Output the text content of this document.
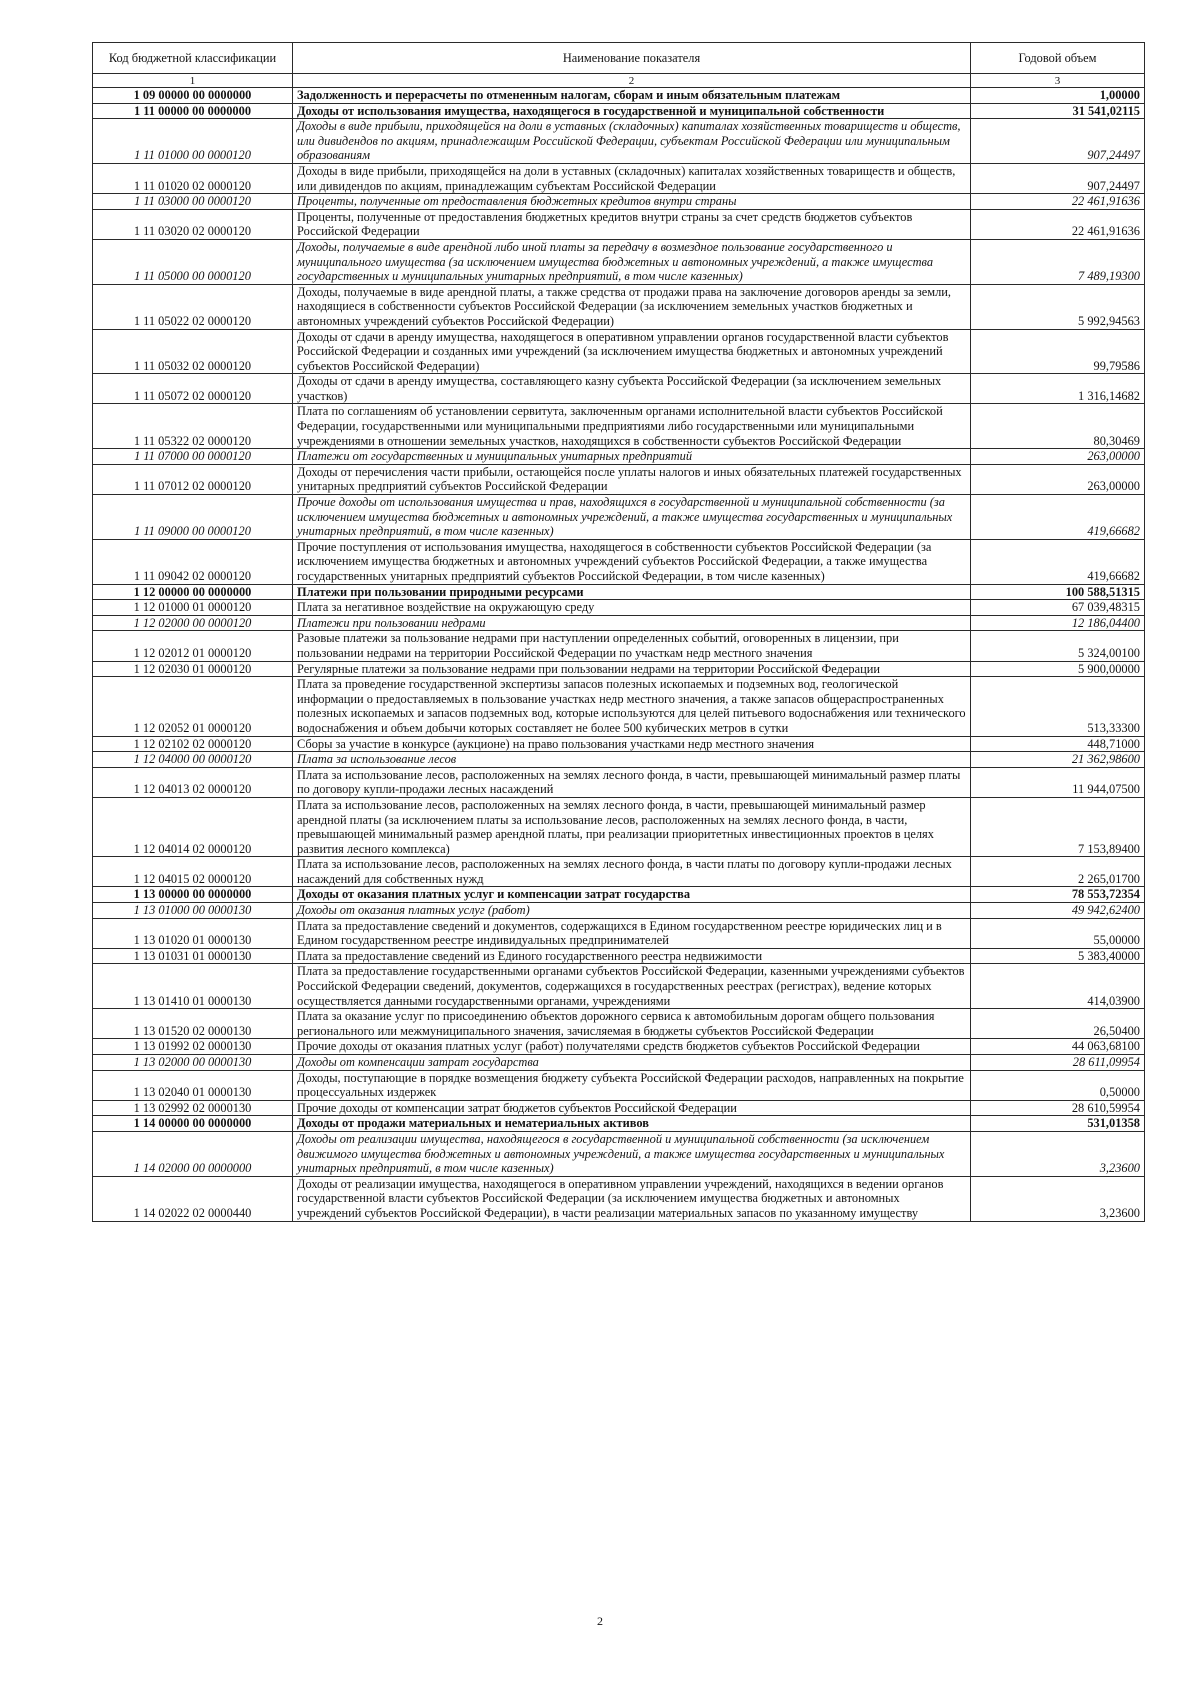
Код бюджетной классификации	Наименование показателя	Годовой объем
1	2	3
1 09 00000 00 0000000	Задолженность и перерасчеты по отмененным налогам, сборам и иным обязательным платежам	1,00000
1 11 00000 00 0000000	Доходы от использования имущества, находящегося в государственной и муниципальной собственности	31 541,02115
1 11 01000 00 0000120	Доходы в виде прибыли, приходящейся на доли в уставных (складочных) капиталах хозяйственных товариществ и обществ, или дивидендов по акциям, принадлежащим Российской Федерации, субъектам Российской Федерации или муниципальным образованиям	907,24497
1 11 01020 02 0000120	Доходы в виде прибыли, приходящейся на доли в уставных (складочных) капиталах хозяйственных товариществ и обществ, или дивидендов по акциям, принадлежащим субъектам Российской Федерации	907,24497
1 11 03000 00 0000120	Проценты, полученные от предоставления бюджетных кредитов внутри страны	22 461,91636
1 11 03020 02 0000120	Проценты, полученные от предоставления бюджетных кредитов внутри страны за счет средств бюджетов субъектов Российской Федерации	22 461,91636
1 11 05000 00 0000120	Доходы, получаемые в виде арендной либо иной платы за передачу в возмездное пользование государственного и муниципального имущества (за исключением имущества бюджетных и автономных учреждений, а также имущества государственных и муниципальных унитарных предприятий, в том числе казенных)	7 489,19300
1 11 05022 02 0000120	Доходы, получаемые в виде арендной платы, а также средства от продажи права на заключение договоров аренды за земли, находящиеся в собственности субъектов Российской Федерации (за исключением земельных участков бюджетных и автономных учреждений субъектов Российской Федерации)	5 992,94563
1 11 05032 02 0000120	Доходы от сдачи в аренду имущества, находящегося в оперативном управлении органов государственной власти субъектов Российской Федерации и созданных ими учреждений (за исключением имущества бюджетных и автономных учреждений субъектов Российской Федерации)	99,79586
1 11 05072 02 0000120	Доходы от сдачи в аренду имущества, составляющего казну субъекта Российской Федерации (за исключением земельных участков)	1 316,14682
1 11 05322 02 0000120	Плата по соглашениям об установлении сервитута, заключенным органами исполнительной власти субъектов Российской Федерации, государственными или муниципальными предприятиями либо государственными или муниципальными учреждениями в отношении земельных участков, находящихся в собственности субъектов Российской Федерации	80,30469
1 11 07000 00 0000120	Платежи от государственных и муниципальных унитарных предприятий	263,00000
1 11 07012 02 0000120	Доходы от перечисления части прибыли, остающейся после уплаты налогов и иных обязательных платежей государственных унитарных предприятий субъектов Российской Федерации	263,00000
1 11 09000 00 0000120	Прочие доходы от использования имущества и прав, находящихся в государственной и муниципальной собственности (за исключением имущества бюджетных и автономных учреждений, а также имущества государственных и муниципальных унитарных предприятий, в том числе казенных)	419,66682
1 11 09042 02 0000120	Прочие поступления от использования имущества, находящегося в собственности субъектов Российской Федерации (за исключением имущества бюджетных и автономных учреждений субъектов Российской Федерации, а также имущества государственных унитарных предприятий субъектов Российской Федерации, в том числе казенных)	419,66682
1 12 00000 00 0000000	Платежи при пользовании природными ресурсами	100 588,51315
1 12 01000 01 0000120	Плата за негативное воздействие на окружающую среду	67 039,48315
1 12 02000 00 0000120	Платежи при пользовании недрами	12 186,04400
1 12 02012 01 0000120	Разовые платежи за пользование недрами при наступлении определенных событий, оговоренных в лицензии, при пользовании недрами на территории Российской Федерации по участкам недр местного значения	5 324,00100
1 12 02030 01 0000120	Регулярные платежи за пользование недрами при пользовании недрами на территории Российской Федерации	5 900,00000
1 12 02052 01 0000120	Плата за проведение государственной экспертизы запасов полезных ископаемых и подземных вод, геологической информации о предоставляемых в пользование участках недр местного значения, а также запасов общераспространенных полезных ископаемых и запасов подземных вод, которые используются для целей питьевого водоснабжения или технического водоснабжения и объем добычи которых составляет не более 500 кубических метров в сутки	513,33300
1 12 02102 02 0000120	Сборы за участие в конкурсе (аукционе) на право пользования участками недр местного значения	448,71000
1 12 04000 00 0000120	Плата за использование лесов	21 362,98600
1 12 04013 02 0000120	Плата за использование лесов, расположенных на землях лесного фонда, в части, превышающей минимальный размер платы по договору купли-продажи лесных насаждений	11 944,07500
1 12 04014 02 0000120	Плата за использование лесов, расположенных на землях лесного фонда, в части, превышающей минимальный размер арендной платы (за исключением платы за использование лесов, расположенных на землях лесного фонда, в части, превышающей минимальный размер арендной платы, при реализации приоритетных инвестиционных проектов в целях развития лесного комплекса)	7 153,89400
1 12 04015 02 0000120	Плата за использование лесов, расположенных на землях лесного фонда, в части платы по договору купли-продажи лесных насаждений для собственных нужд	2 265,01700
1 13 00000 00 0000000	Доходы от оказания платных услуг и компенсации затрат государства	78 553,72354
1 13 01000 00 0000130	Доходы от оказания платных услуг (работ)	49 942,62400
1 13 01020 01 0000130	Плата за предоставление сведений и документов, содержащихся в Едином государственном реестре юридических лиц и в Едином государственном реестре индивидуальных предпринимателей	55,00000
1 13 01031 01 0000130	Плата за предоставление сведений из Единого государственного реестра недвижимости	5 383,40000
1 13 01410 01 0000130	Плата за предоставление государственными органами субъектов Российской Федерации, казенными учреждениями субъектов Российской Федерации сведений, документов, содержащихся в государственных реестрах (регистрах), ведение которых осуществляется данными государственными органами, учреждениями	414,03900
1 13 01520 02 0000130	Плата за оказание услуг по присоединению объектов дорожного сервиса к автомобильным дорогам общего пользования регионального или межмуниципального значения, зачисляемая в бюджеты субъектов Российской Федерации	26,50400
1 13 01992 02 0000130	Прочие доходы от оказания платных услуг (работ) получателями средств бюджетов субъектов Российской Федерации	44 063,68100
1 13 02000 00 0000130	Доходы от компенсации затрат государства	28 611,09954
1 13 02040 01 0000130	Доходы, поступающие в порядке возмещения бюджету субъекта Российской Федерации расходов, направленных на покрытие процессуальных издержек	0,50000
1 13 02992 02 0000130	Прочие доходы от компенсации затрат бюджетов субъектов Российской Федерации	28 610,59954
1 14 00000 00 0000000	Доходы от продажи материальных и нематериальных активов	531,01358
1 14 02000 00 0000000	Доходы от реализации имущества, находящегося в государственной и муниципальной собственности (за исключением движимого имущества бюджетных и автономных учреждений, а также имущества государственных и муниципальных унитарных предприятий, в том числе казенных)	3,23600
1 14 02022 02 0000440	Доходы от реализации имущества, находящегося в оперативном управлении учреждений, находящихся в ведении органов государственной власти субъектов Российской Федерации (за исключением имущества бюджетных и автономных учреждений субъектов Российской Федерации), в части реализации материальных запасов по указанному имуществу	3,23600
2
